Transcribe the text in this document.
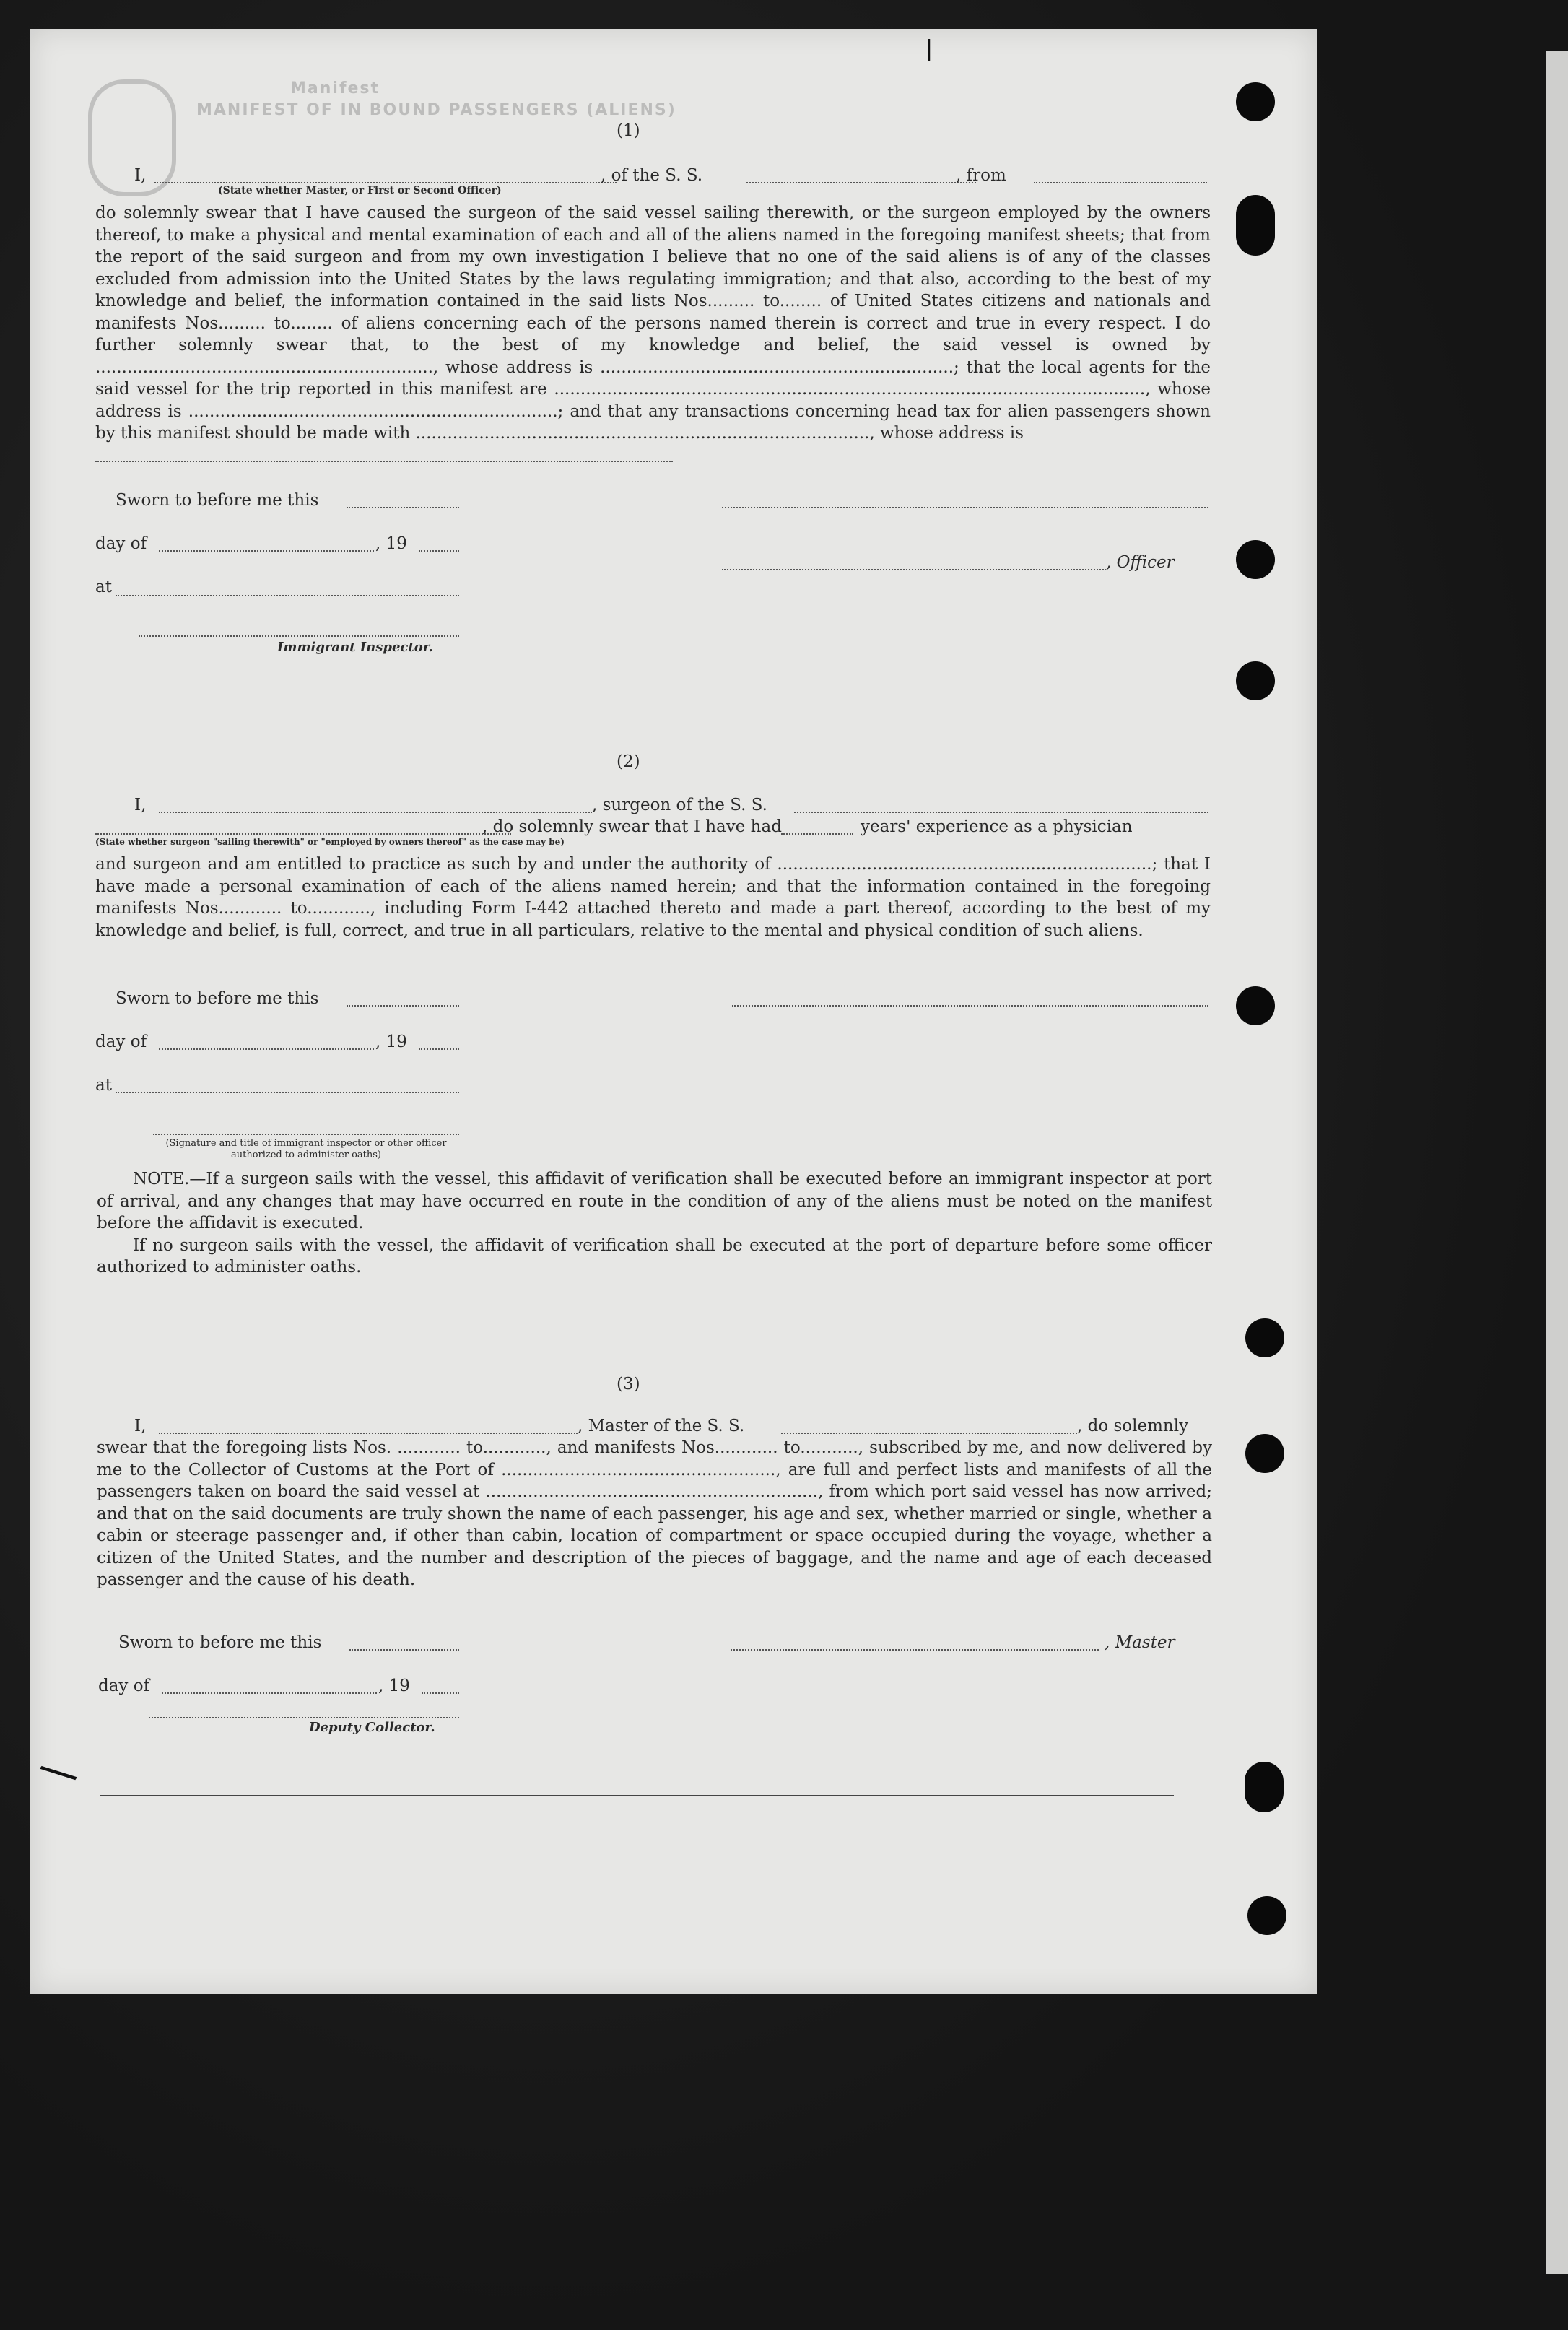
Manifest
MANIFEST OF IN BOUND PASSENGERS (ALIENS)
(1)
I,	, of the S. S.	, from
(State whether Master, or First or Second Officer)

do solemnly swear that I have caused the surgeon of the said vessel sailing therewith, or the surgeon employed by the owners thereof, to make a physical and mental examination of each and all of the aliens named in the foregoing manifest sheets; that from the report of the said surgeon and from my own investigation I believe that no one of the said aliens is of any of the classes excluded from admission into the United States by the laws regulating immigration; and that also, according to the best of my knowledge and belief, the information contained in the said lists Nos......... to........ of United States citizens and nationals and manifests Nos......... to........ of aliens concerning each of the persons named therein is correct and true in every respect. I do further solemnly swear that, to the best of my knowledge and belief, the said vessel is owned by ................................................................, whose address is ...................................................................; that the local agents for the said vessel for the trip reported in this manifest are ................................................................................................................, whose address is ......................................................................; and that any transactions concerning head tax for alien passengers shown by this manifest should be made with ......................................................................................, whose address is

Sworn to before me this
day of	, 19
, Officer
at
Immigrant Inspector.
(2)
I,	, surgeon of the S. S.
, do solemnly swear that I have had	years' experience as a physician
(State whether surgeon "sailing therewith" or "employed by owners thereof" as the case may be)

and surgeon and am entitled to practice as such by and under the authority of .......................................................................; that I have made a personal examination of each of the aliens named herein; and that the information contained in the foregoing manifests Nos............ to............, including Form I-442 attached thereto and made a part thereof, according to the best of my knowledge and belief, is full, correct, and true in all particulars, relative to the mental and physical condition of such aliens.

Sworn to before me this
day of	, 19
at
(Signature and title of immigrant inspector or other officer authorized to administer oaths)

NOTE.—If a surgeon sails with the vessel, this affidavit of verification shall be executed before an immigrant inspector at port of arrival, and any changes that may have occurred en route in the condition of any of the aliens must be noted on the manifest before the affidavit is executed.

If no surgeon sails with the vessel, the affidavit of verification shall be executed at the port of departure before some officer authorized to administer oaths.

(3)
I,	, Master of the S. S.	, do solemnly

swear that the foregoing lists Nos. ............ to............, and manifests Nos............ to..........., subscribed by me, and now delivered by me to the Collector of Customs at the Port of ...................................................., are full and perfect lists and manifests of all the passengers taken on board the said vessel at ..............................................................., from which port said vessel has now arrived; and that on the said documents are truly shown the name of each passenger, his age and sex, whether married or single, whether a cabin or steerage passenger and, if other than cabin, location of compartment or space occupied during the voyage, whether a citizen of the United States, and the number and description of the pieces of baggage, and the name and age of each deceased passenger and the cause of his death.

Sworn to before me this	, Master
day of	, 19
Deputy Collector.
\
|
